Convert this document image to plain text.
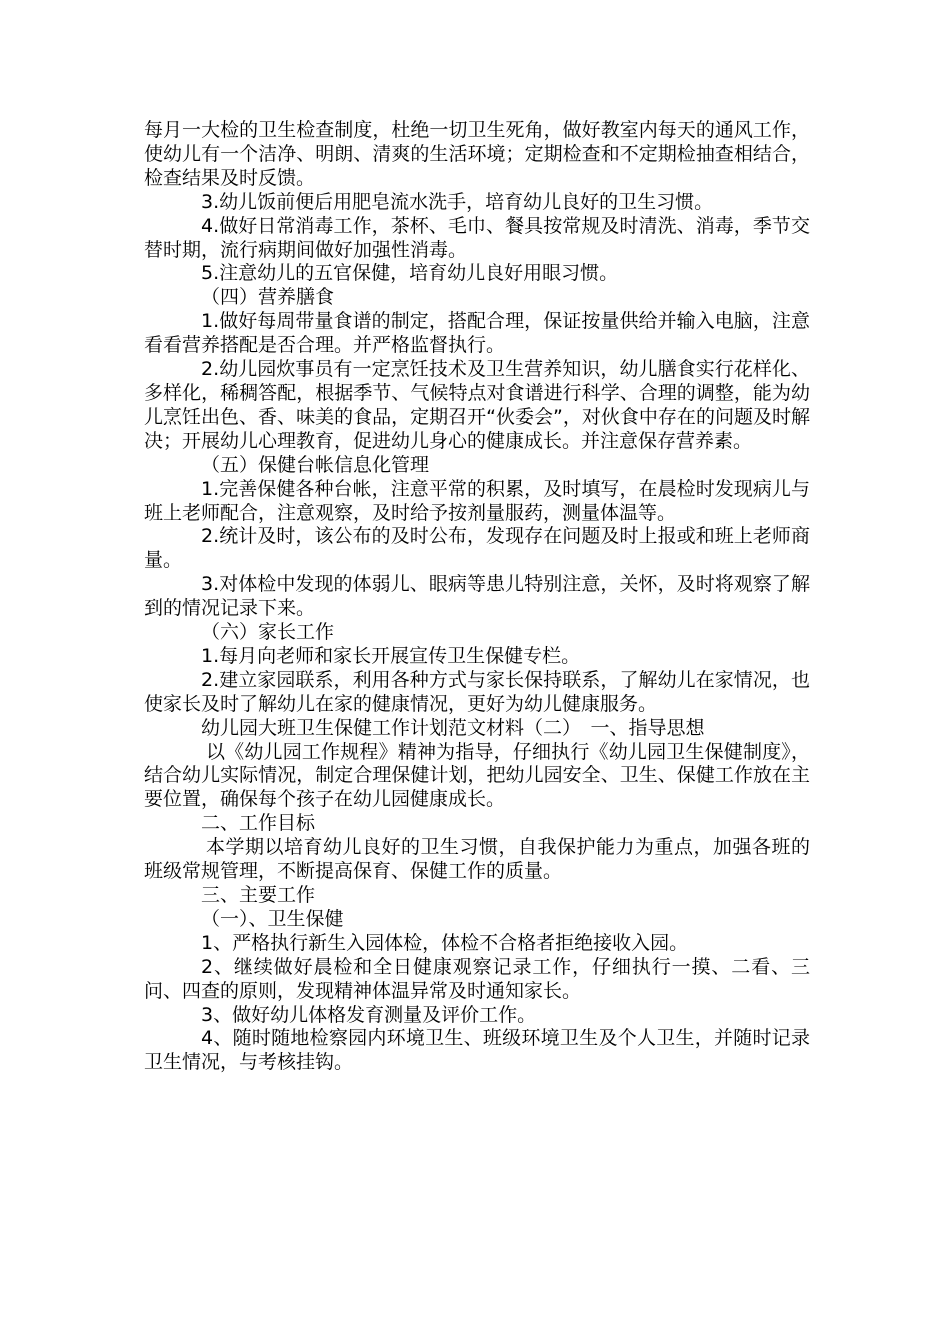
每月一大检的卫生检查制度，杜绝一切卫生死角，做好教室内每天的通风工作，使幼儿有一个洁净、明朗、清爽的生活环境；定期检查和不定期检抽查相结合，检查结果及时反馈。

3.幼儿饭前便后用肥皂流水洗手，培育幼儿良好的卫生习惯。

4.做好日常消毒工作，茶杯、毛巾、餐具按常规及时清洗、消毒，季节交替时期，流行病期间做好加强性消毒。

5.注意幼儿的五官保健，培育幼儿良好用眼习惯。

（四）营养膳食

1.做好每周带量食谱的制定，搭配合理，保证按量供给并输入电脑，注意看看营养搭配是否合理。并严格监督执行。

2.幼儿园炊事员有一定烹饪技术及卫生营养知识，幼儿膳食实行花样化、多样化，稀稠答配，根据季节、气候特点对食谱进行科学、合理的调整，能为幼儿烹饪出色、香、味美的食品，定期召开“伙委会”，对伙食中存在的问题及时解决；开展幼儿心理教育，促进幼儿身心的健康成长。并注意保存营养素。

（五）保健台帐信息化管理

1.完善保健各种台帐，注意平常的积累，及时填写，在晨检时发现病儿与班上老师配合，注意观察，及时给予按剂量服药，测量体温等。

2.统计及时，该公布的及时公布，发现存在问题及时上报或和班上老师商量。

3.对体检中发现的体弱儿、眼病等患儿特别注意，关怀，及时将观察了解到的情况记录下来。

（六）家长工作

1.每月向老师和家长开展宣传卫生保健专栏。

2.建立家园联系，利用各种方式与家长保持联系，了解幼儿在家情况，也使家长及时了解幼儿在家的健康情况，更好为幼儿健康服务。

幼儿园大班卫生保健工作计划范文材料（二）　一、指导思想

以《幼儿园工作规程》精神为指导，仔细执行《幼儿园卫生保健制度》，结合幼儿实际情况，制定合理保健计划，把幼儿园安全、卫生、保健工作放在主要位置，确保每个孩子在幼儿园健康成长。

二、工作目标

本学期以培育幼儿良好的卫生习惯，自我保护能力为重点，加强各班的班级常规管理，不断提高保育、保健工作的质量。

三、主要工作

（一）、卫生保健

1、严格执行新生入园体检，体检不合格者拒绝接收入园。

2、继续做好晨检和全日健康观察记录工作，仔细执行一摸、二看、三问、四查的原则，发现精神体温异常及时通知家长。

3、做好幼儿体格发育测量及评价工作。

4、随时随地检察园内环境卫生、班级环境卫生及个人卫生，并随时记录卫生情况，与考核挂钩。
